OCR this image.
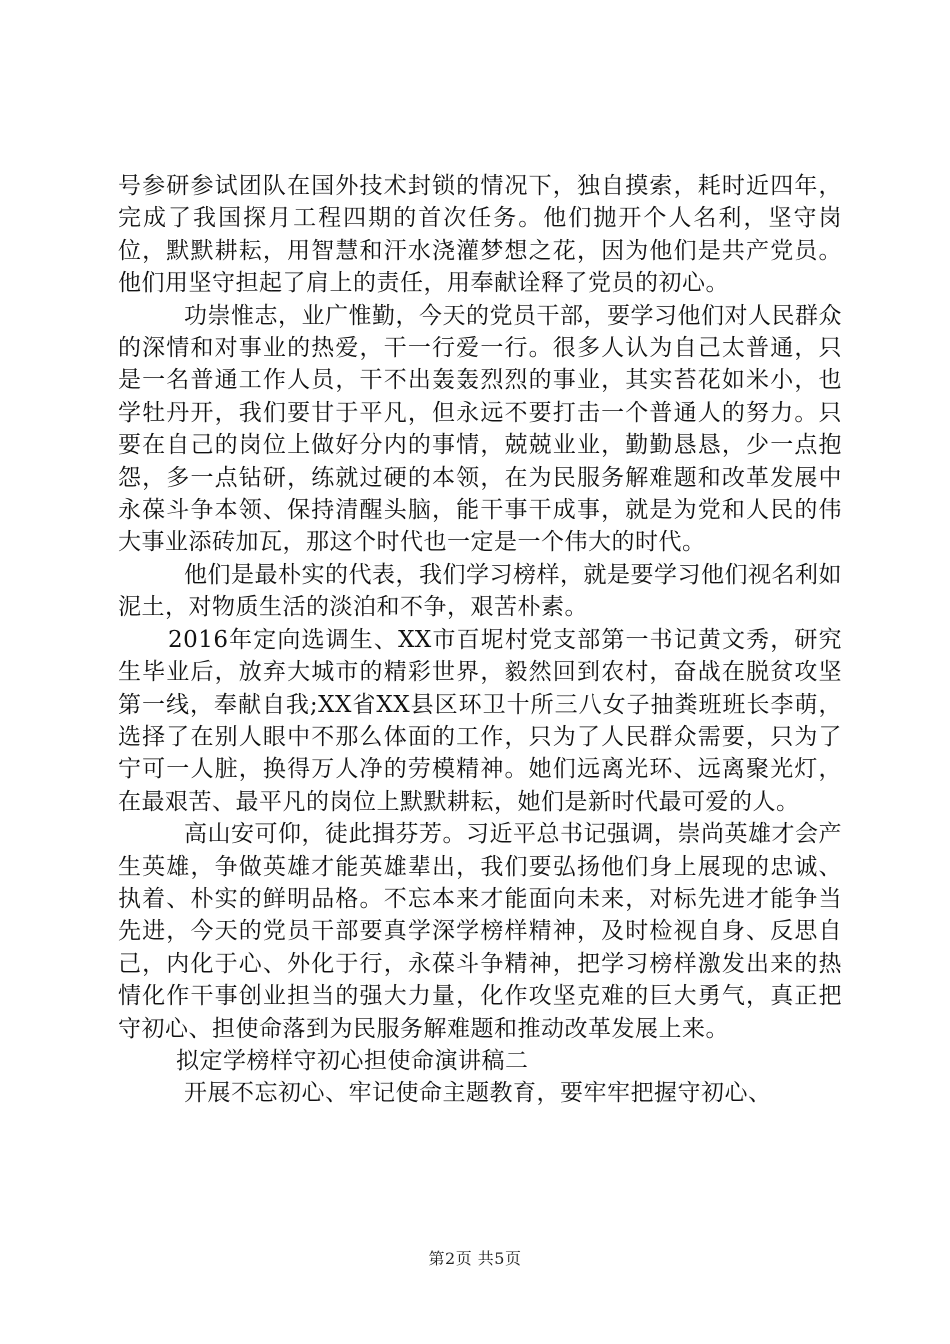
号参研参试团队在国外技术封锁的情况下，独自摸索，耗时近四年，完成了我国探月工程四期的首次任务。他们抛开个人名利，坚守岗位，默默耕耘，用智慧和汗水浇灌梦想之花，因为他们是共产党员。他们用坚守担起了肩上的责任，用奉献诠释了党员的初心。

功崇惟志，业广惟勤，今天的党员干部，要学习他们对人民群众的深情和对事业的热爱，干一行爱一行。很多人认为自己太普通，只是一名普通工作人员，干不出轰轰烈烈的事业，其实苔花如米小，也学牡丹开，我们要甘于平凡，但永远不要打击一个普通人的努力。只要在自己的岗位上做好分内的事情，兢兢业业，勤勤恳恳，少一点抱怨，多一点钻研，练就过硬的本领，在为民服务解难题和改革发展中永葆斗争本领、保持清醒头脑，能干事干成事，就是为党和人民的伟大事业添砖加瓦，那这个时代也一定是一个伟大的时代。

他们是最朴实的代表，我们学习榜样，就是要学习他们视名利如泥土，对物质生活的淡泊和不争，艰苦朴素。

2016年定向选调生、XX市百坭村党支部第一书记黄文秀，研究生毕业后，放弃大城市的精彩世界，毅然回到农村，奋战在脱贫攻坚第一线，奉献自我;XX省XX县区环卫十所三八女子抽粪班班长李萌，选择了在别人眼中不那么体面的工作，只为了人民群众需要，只为了宁可一人脏，换得万人净的劳模精神。她们远离光环、远离聚光灯，在最艰苦、最平凡的岗位上默默耕耘，她们是新时代最可爱的人。

高山安可仰，徒此揖芬芳。习近平总书记强调，崇尚英雄才会产生英雄，争做英雄才能英雄辈出，我们要弘扬他们身上展现的忠诚、执着、朴实的鲜明品格。不忘本来才能面向未来，对标先进才能争当先进，今天的党员干部要真学深学榜样精神，及时检视自身、反思自己，内化于心、外化于行，永葆斗争精神，把学习榜样激发出来的热情化作干事创业担当的强大力量，化作攻坚克难的巨大勇气，真正把守初心、担使命落到为民服务解难题和推动改革发展上来。

拟定学榜样守初心担使命演讲稿二

开展不忘初心、牢记使命主题教育，要牢牢把握守初心、

第2页 共5页
